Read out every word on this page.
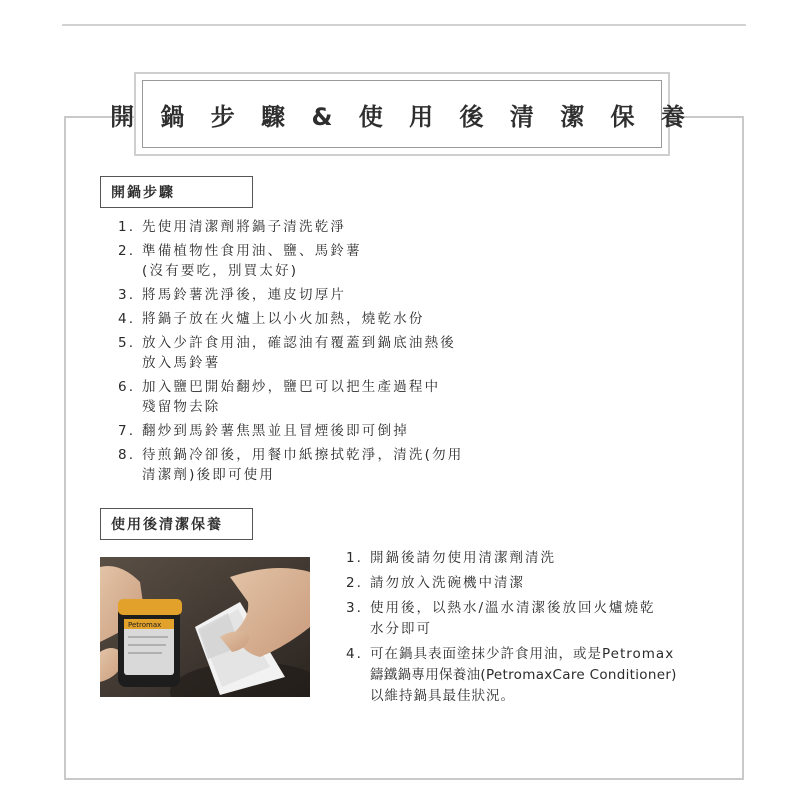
開 鍋 步 驟 & 使 用 後 清 潔 保 養
開鍋步驟
1. 先使用清潔劑將鍋子清洗乾淨
2. 準備植物性食用油、鹽、馬鈴薯
(沒有要吃，別買太好)
3. 將馬鈴薯洗淨後，連皮切厚片
4. 將鍋子放在火爐上以小火加熱，燒乾水份
5. 放入少許食用油，確認油有覆蓋到鍋底油熱後
放入馬鈴薯
6. 加入鹽巴開始翻炒，鹽巴可以把生產過程中
殘留物去除
7. 翻炒到馬鈴薯焦黑並且冒煙後即可倒掉
8. 待煎鍋冷卻後，用餐巾紙擦拭乾淨，清洗(勿用
清潔劑)後即可使用
使用後清潔保養
Petromax
1. 開鍋後請勿使用清潔劑清洗
2. 請勿放入洗碗機中清潔
3. 使用後，以熱水/溫水清潔後放回火爐燒乾
水分即可
4. 可在鍋具表面塗抹少許食用油，或是Petromax
鑄鐵鍋專用保養油(PetromaxCare Conditioner)
以維持鍋具最佳狀況。
